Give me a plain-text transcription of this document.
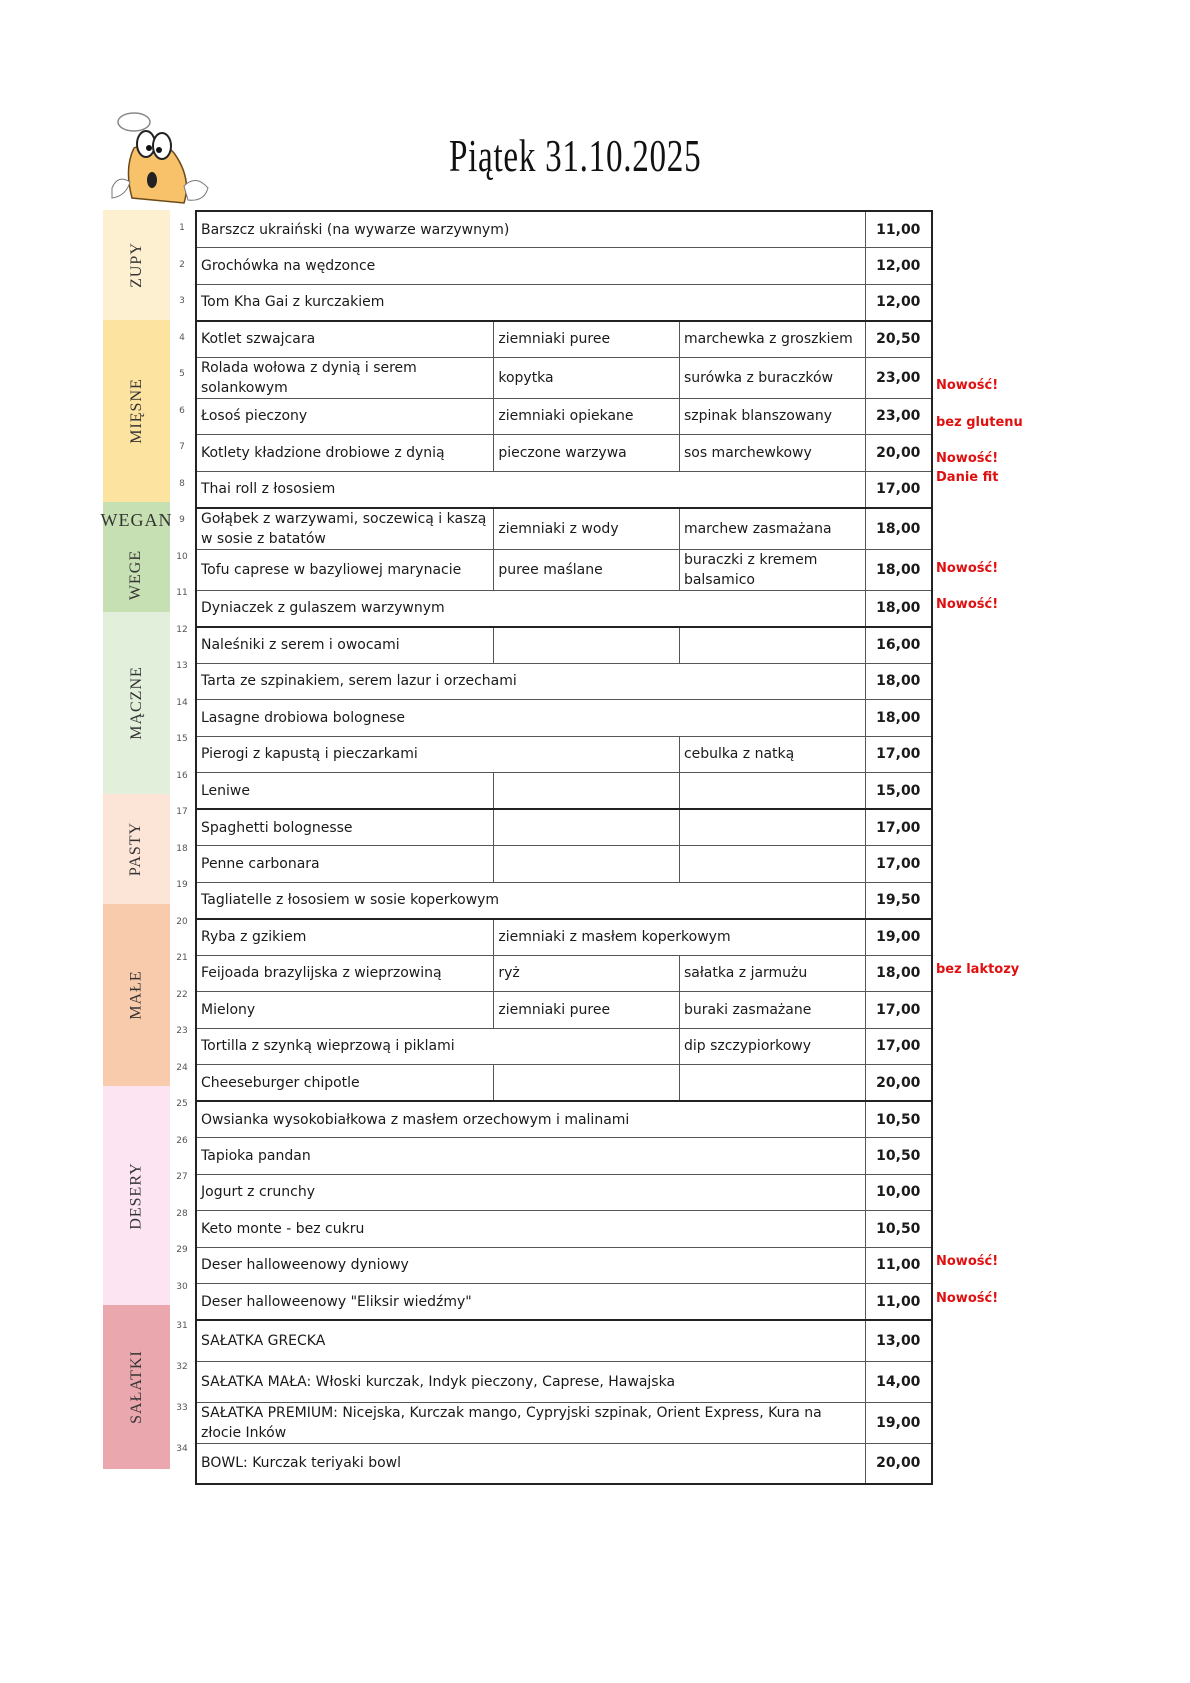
Piątek 31.10.2025
ZUPY
MIĘSNE
WEGAN
WEGE
MĄCZNE
PASTY
MAŁE
DESERY
SAŁATKI
1
2
3
4
5
6
7
8
9
10
11
12
13
14
15
16
17
18
19
20
21
22
23
24
25
26
27
28
29
30
31
32
33
34
Barszcz ukraiński (na wywarze warzywnym)			11,00
Grochówka na wędzonce			12,00
Tom Kha Gai z kurczakiem			12,00
Kotlet szwajcara	ziemniaki puree	marchewka z groszkiem	20,50
Rolada wołowa z dynią i serem solankowym	kopytka	surówka z buraczków	23,00
Łosoś pieczony	ziemniaki opiekane	szpinak blanszowany	23,00
Kotlety kładzione drobiowe z dynią	pieczone warzywa	sos marchewkowy	20,00
Thai roll z łososiem			17,00
Gołąbek z warzywami, soczewicą i kaszą w sosie z batatów	ziemniaki z wody	marchew zasmażana	18,00
Tofu caprese w bazyliowej marynacie	puree maślane	buraczki z kremem balsamico	18,00
Dyniaczek z gulaszem warzywnym			18,00
Naleśniki z serem i owocami			16,00
Tarta ze szpinakiem, serem lazur i orzechami			18,00
Lasagne drobiowa bolognese			18,00
Pierogi z kapustą i pieczarkami		cebulka z natką	17,00
Leniwe			15,00
Spaghetti bolognesse			17,00
Penne carbonara			17,00
Tagliatelle z łososiem w sosie koperkowym			19,50
Ryba z gzikiem	ziemniaki z masłem koperkowym		19,00
Feijoada brazylijska z wieprzowiną	ryż	sałatka z jarmużu	18,00
Mielony	ziemniaki puree	buraki zasmażane	17,00
Tortilla z szynką wieprzową i piklami		dip szczypiorkowy	17,00
Cheeseburger chipotle			20,00
Owsianka wysokobiałkowa z masłem orzechowym i malinami			10,50
Tapioka pandan			10,50
Jogurt z crunchy			10,00
Keto monte - bez cukru			10,50
Deser halloweenowy dyniowy			11,00
Deser halloweenowy "Eliksir wiedźmy"			11,00
SAŁATKA GRECKA			13,00
SAŁATKA MAŁA: Włoski kurczak, Indyk pieczony, Caprese, Hawajska			14,00
SAŁATKA PREMIUM: Nicejska, Kurczak mango, Cypryjski szpinak, Orient Express, Kura na złocie Inków			19,00
BOWL: Kurczak teriyaki bowl			20,00
Nowość!
bez glutenu
Nowość!
Danie fit
Nowość!
Nowość!
bez laktozy
Nowość!
Nowość!
